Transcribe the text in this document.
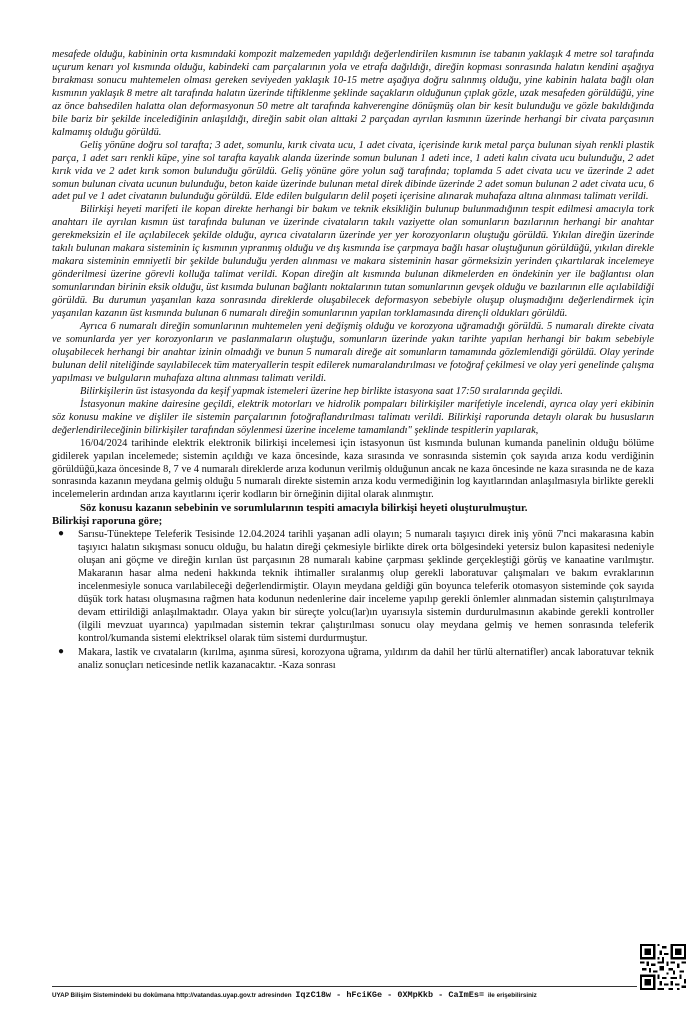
mesafede olduğu, kabininin orta kısmındaki kompozit malzemeden yapıldığı değerlendirilen kısmının ise tabanın yaklaşık 4 metre sol tarafında uçurum kenarı yol kısmında olduğu, kabindeki cam parçalarının yola ve etrafa dağıldığı, direğin kopması sonrasında halatın kendini aşağıya bırakması sonucu muhtemelen olması gereken seviyeden yaklaşık 10-15 metre aşağıya doğru salınmış olduğu, yine kabinin halata bağlı olan kısmının yaklaşık 8 metre alt tarafında halatın üzerinde tiftiklenme şeklinde saçakların olduğunun çıplak gözle, uzak mesafeden görüldüğü, yine az önce bahsedilen halatta olan deformasyonun 50 metre alt tarafında kahverengine dönüşmüş olan bir kesit bulunduğu ve gözle bakıldığında bile bariz bir şekilde incelediğinin anlaşıldığı, direğin sabit olan alttaki 2 parçadan ayrılan kısmının üzerinde herhangi bir civata parçasının kalmamış olduğu görüldü.

Geliş yönüne doğru sol tarafta; 3 adet, somunlu, kırık civata ucu, 1 adet civata, içerisinde kırık metal parça bulunan siyah renkli plastik parça, 1 adet sarı renkli küpe, yine sol tarafta kayalık alanda üzerinde somun bulunan 1 adeti ince, 1 adeti kalın civata ucu bulunduğu, 2 adet kırık vida ve 2 adet kırık somon bulunduğu görüldü. Geliş yönüne göre yolun sağ tarafında; toplamda 5 adet civata ucu ve üzerinde 2 adet somun bulunan civata ucunun bulunduğu, beton kaide üzerinde bulunan metal direk dibinde üzerinde 2 adet somun bulunan 2 adet civata ucu, 6 adet pul ve 1 adet civatanın bulunduğu görüldü. Elde edilen bulguların delil poşeti içerisine alınarak muhafaza altına alınması talimatı verildi.

Bilirkişi heyeti marifeti ile kopan direkte herhangi bir bakım ve teknik eksikliğin bulunup bulunmadığının tespit edilmesi amacıyla tork anahtarı ile ayrılan kısmın üst tarafında bulunan ve üzerinde civataların takılı vaziyette olan somunların bazılarının herhangi bir anahtar gerekmeksizin el ile açılabilecek şekilde olduğu, ayrıca civataların üzerinde yer yer korozyonların oluştuğu görüldü. Yıkılan direğin üzerinde takılı bulunan makara sisteminin iç kısmının yıpranmış olduğu ve dış kısmında ise çarpmaya bağlı hasar oluştuğunun görüldüğü, yıkılan direkle makara sisteminin emniyetli bir şekilde bulunduğu yerden alınması ve makara sisteminin hasar görmeksizin yerinden çıkartılarak incelemeye gönderilmesi üzerine görevli kolluğa talimat verildi. Kopan direğin alt kısmında bulunan dikmelerden en öndekinin yer ile bağlantısı olan somunlarından birinin eksik olduğu, üst kısımda bulunan bağlantı noktalarının tutan somunlarının gevşek olduğu ve bazılarının elle açılabildiği görüldü. Bu durumun yaşanılan kaza sonrasında direklerde oluşabilecek deformasyon sebebiyle oluşup oluşmadığını değerlendirmek için yaşanılan kazanın üst kısmında bulunan 6 numaralı direğin somunlarının yapılan torklamasında dirençli oldukları görüldü.

Ayrıca 6 numaralı direğin somunlarının muhtemelen yeni değişmiş olduğu ve korozyona uğramadığı görüldü. 5 numaralı direkte civata ve somunlarda yer yer korozyonların ve paslanmaların oluştuğu, somunların üzerinde yakın tarihte yapılan herhangi bir bakım sebebiyle oluşabilecek herhangi bir anahtar izinin olmadığı ve bunun 5 numaralı direğe ait somunların tamamında gözlemlendiği görüldü. Olay yerinde bulunan delil niteliğinde sayılabilecek tüm materyallerin tespit edilerek numaralandırılması ve fotoğraf çekilmesi ve olay yeri genelinde çalışma yapılması ve bulguların muhafaza altına alınması talimatı verildi.

Bilirkişilerin üst istasyonda da keşif yapmak istemeleri üzerine hep birlikte istasyona saat 17:50 sıralarında geçildi.

İstasyonun makine dairesine geçildi, elektrik motorları ve hidrolik pompaları bilirkişiler marifetiyle incelendi, ayrıca olay yeri ekibinin söz konusu makine ve dişliler ile sistemin parçalarının fotoğraflandırılması talimatı verildi. Bilirkişi raporunda detaylı olarak bu hususların değerlendirileceğinin bilirkişiler tarafından söylenmesi üzerine inceleme tamamlandı" şeklinde tespitlerin yapılarak,

16/04/2024 tarihinde elektrik elektronik bilirkişi incelemesi için istasyonun üst kısmında bulunan kumanda panelinin olduğu bölüme gidilerek yapılan incelemede; sistemin açıldığı ve kaza öncesinde, kaza sırasında ve sonrasında sistemin çok sayıda arıza kodu verdiğinin görüldüğü,kaza öncesinde 8, 7 ve 4 numaralı direklerde arıza kodunun verilmiş olduğunun ancak ne kaza öncesinde ne kaza sırasında ne de kaza sonrasında kazanın meydana gelmiş olduğu 5 numaralı direkte sistemin arıza kodu vermediğinin log kayıtlarından anlaşılmasıyla birlikte gerekli incelemelerin ardından arıza kayıtlarını içerir kodların bir örneğinin dijital olarak alınmıştır.

Söz konusu kazanın sebebinin ve sorumlularının tespiti amacıyla bilirkişi heyeti oluşturulmuştur.

Bilirkişi raporuna göre;

● Sarısu-Tünektepe Teleferik Tesisinde 12.04.2024 tarihli yaşanan adli olayın; 5 numaralı taşıyıcı direk iniş yönü 7'nci makarasına kabin taşıyıcı halatın sıkışması sonucu olduğu, bu halatın direği çekmesiyle birlikte direk orta bölgesindeki yetersiz bulon kapasitesi nedeniyle oluşan ani göçme ve direğin kırılan üst parçasının 28 numaralı kabine çarpması şeklinde gerçekleştiği görüş ve kanaatine varılmıştır. Makaranın hasar alma nedeni hakkında teknik ihtimaller sıralanmış olup gerekli laboratuvar çalışmaları ve bakım evraklarının incelenmesiyle sonuca varılabileceği değerlendirmiştir. Olayın meydana geldiği gün boyunca teleferik otomasyon sisteminde çok sayıda düşük tork hatası oluşmasına rağmen hata kodunun nedenlerine dair inceleme yapılıp gerekli önlemler alınmadan sistemin çalıştırılmaya devam ettirildiği anlaşılmaktadır. Olaya yakın bir süreçte yolcu(lar)ın uyarısıyla sistemin durdurulmasının akabinde gerekli kontroller (ilgili mevzuat uyarınca) yapılmadan sistemin tekrar çalıştırılması sonucu olay meydana gelmiş ve hemen sonrasında teleferik kontrol/kumanda sistemi elektriksel olarak tüm sistemi durdurmuştur.

● Makara, lastik ve cıvataların (kırılma, aşınma süresi, korozyona uğrama, yıldırım da dahil her türlü alternatifler) ancak laboratuvar teknik analiz sonuçları neticesinde netlik kazanacaktır. -Kaza sonrası

UYAP Bilişim Sistemindeki bu dokümana http://vatandas.uyap.gov.tr adresinden IqzC18w - hFciKGe - 0XMpKkb - CaImEs= ile erişebilirsiniz
